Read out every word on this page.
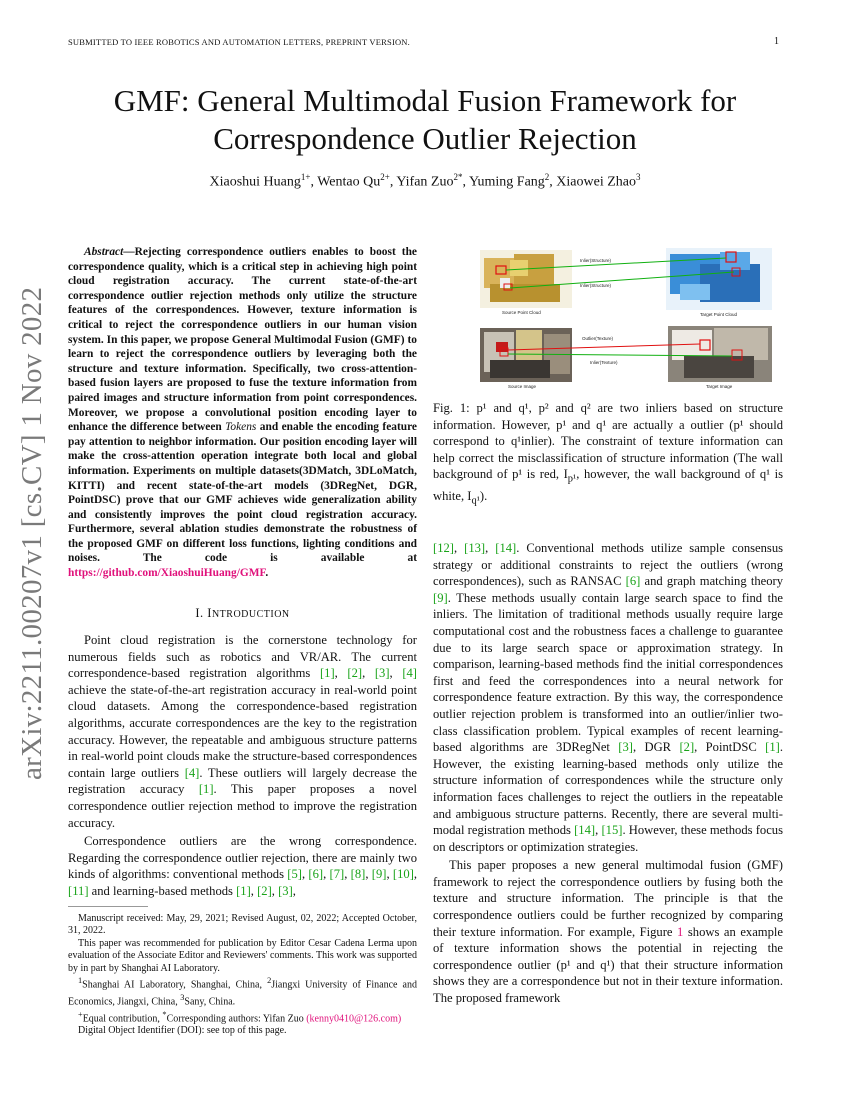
SUBMITTED TO IEEE ROBOTICS AND AUTOMATION LETTERS, PREPRINT VERSION.	1
arXiv:2211.00207v1 [cs.CV] 1 Nov 2022
GMF: General Multimodal Fusion Framework for
Correspondence Outlier Rejection
Xiaoshui Huang$^{1+}$, Wentao $Qu^{2+}$, Yifan Zuo$^{2*}$, Yuming Fang$^2$, Xiaowei Zhao$^3$
Abstract—Rejecting correspondence outliers enables to boost the correspondence quality, which is a critical step in achieving high point cloud registration accuracy. The current state-of-the-art correspondence outlier rejection methods only utilize the structure features of the correspondences. However, texture information is critical to reject the correspondence outliers in our human vision system. In this paper, we propose General Multimodal Fusion (GMF) to learn to reject the correspondence outliers by leveraging both the structure and texture information. Specifically, two cross-attention-based fusion layers are proposed to fuse the texture information from paired images and structure information from point correspondences. Moreover, we propose a convolutional position encoding layer to enhance the difference between Tokens and enable the encoding feature pay attention to neighbor information. Our position encoding layer will make the cross-attention operation integrate both local and global information. Experiments on multiple datasets(3DMatch, 3DLoMatch, KITTI) and recent state-of-the-art models (3DRegNet, DGR, PointDSC) prove that our GMF achieves wide generalization ability and consistently improves the point cloud registration accuracy. Furthermore, several ablation studies demonstrate the robustness of the proposed GMF on different loss functions, lighting conditions and noises. The code is available at https://github.com/XiaoshuiHuang/GMF.
I. INTRODUCTION

Point cloud registration is the cornerstone technology for numerous fields such as robotics and VR/AR. The current correspondence-based registration algorithms [1], [2], [3], [4] achieve the state-of-the-art registration accuracy in real-world point cloud datasets. Among the correspondence-based registration algorithms, accurate correspondences are the key to the registration accuracy. However, the repeatable and ambiguous structure patterns in real-world point clouds make the structure-based correspondences contain large outliers [4]. These outliers will largely decrease the registration accuracy [1]. This paper proposes a novel correspondence outlier rejection method to improve the registration accuracy.

Correspondence outliers are the wrong correspondence. Regarding the correspondence outlier rejection, there are mainly two kinds of algorithms: conventional methods [5], [6], [7], [8], [9], [10], [11] and learning-based methods [1], [2], [3],

Manuscript received: May, 29, 2021; Revised August, 02, 2022; Accepted October, 31, 2022.
This paper was recommended for publication by Editor Cesar Cadena Lerma upon evaluation of the Associate Editor and Reviewers' comments. This work was supported by in part by Shanghai AI Laboratory.
$^1$Shanghai AI Laboratory, Shanghai, China, $^2$Jiangxi University of Finance and Economics, Jiangxi, China, $^3$Sany, China.
+Equal contribution, *Corresponding authors: Yifan Zuo (kenny0410@126.com)
Digital Object Identifier (DOI): see top of this page.
Inlier(Structure)
Inlier(Structure)
Source Point Cloud	Target Point Cloud
Outlier(Texture)
Inlier(Texture)
Source Image	Target Image
Fig. 1: p¹ and q¹, p² and q² are two inliers based on structure information. However, p¹ and q¹ are actually a outlier (p¹ should correspond to q¹inlier). The constraint of texture information can help correct the misclassification of structure information (The wall background of p¹ is red, $I_{p^1}$, however, the wall background of q¹ is white, $I_{q^1}$).

[12], [13], [14]. Conventional methods utilize sample consensus strategy or additional constraints to reject the outliers (wrong correspondences), such as RANSAC [6] and graph matching theory [9]. These methods usually contain large search space to find the inliers. The limitation of traditional methods usually require large computational cost and the robustness faces a challenge to guarantee due to its large search space or approximation strategy. In comparison, learning-based methods find the initial correspondences first and feed the correspondences into a neural network for correspondence feature extraction. By this way, the correspondence outlier rejection problem is transformed into an outlier/inlier two-class classification problem. Typical examples of recent learning-based algorithms are 3DRegNet [3], DGR [2], PointDSC [1]. However, the existing learning-based methods only utilize the structure information of correspondences while the structure only information faces challenges to reject the outliers in the repeatable and ambiguous structure patterns. Recently, there are several multi-modal registration methods [14], [15]. However, these methods focus on descriptors or optimization strategies.

This paper proposes a new general multimodal fusion (GMF) framework to reject the correspondence outliers by fusing both the texture and structure information. The principle is that the correspondence outliers could be further recognized by comparing their texture information. For example, Figure 1 shows an example of texture information shows the potential in rejecting the correspondence outlier (p¹ and q¹) that their structure information shows they are a correspondence but not in their texture information. The proposed framework
